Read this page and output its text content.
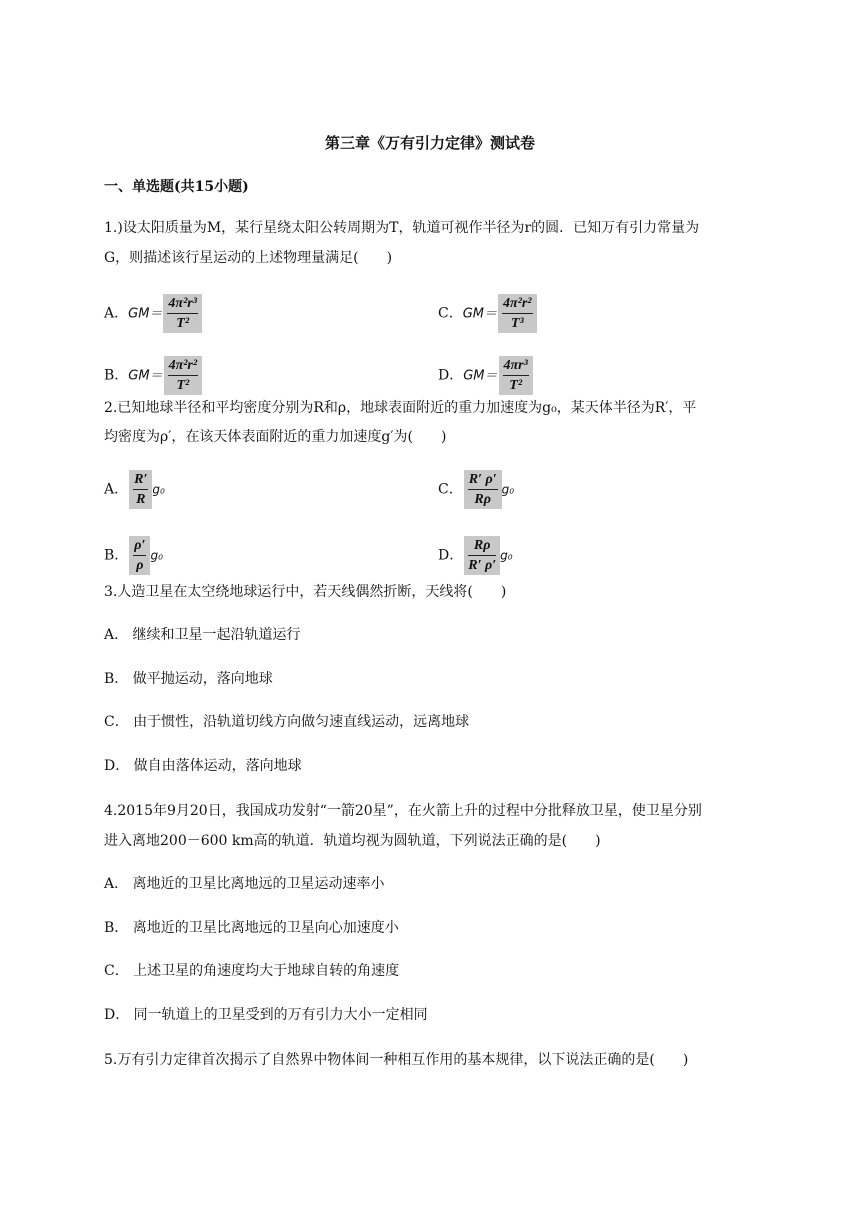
第三章《万有引力定律》测试卷
一、单选题(共15小题)
1.)设太阳质量为M，某行星绕太阳公转周期为T，轨道可视作半径为r的圆．已知万有引力常量为
G，则描述该行星运动的上述物理量满足(　　)
A．$GM= \frac{\text{4π²r³}}{\text{T²}}$	C．$GM= \frac{\text{4π²r²}}{\text{T³}}$
B．$GM= \frac{\text{4π²r²}}{\text{T²}}$	D．$GM= \frac{\text{4πr³}}{\text{T²}}$
2.已知地球半径和平均密度分别为R和ρ，地球表面附近的重力加速度为g₀，某天体半径为R′，平
均密度为ρ′，在该天体表面附近的重力加速度g′为(　　)
A． $\frac{R'}{R} g_0$	C． $\frac{R' \rho'}{R\rho} g_0$
B． $\frac{\rho'}{\rho} g_0$	D． $\frac{R\rho}{R' \rho'} g_0$
3.人造卫星在太空绕地球运行中，若天线偶然折断，天线将(　　)
A． 继续和卫星一起沿轨道运行
B． 做平抛运动，落向地球
C． 由于惯性，沿轨道切线方向做匀速直线运动，远离地球
D． 做自由落体运动，落向地球
4.2015年9月20日，我国成功发射“一箭20星”，在火箭上升的过程中分批释放卫星，使卫星分别
进入离地200－600 km高的轨道．轨道均视为圆轨道，下列说法正确的是(　　)
A． 离地近的卫星比离地远的卫星运动速率小
B． 离地近的卫星比离地远的卫星向心加速度小
C． 上述卫星的角速度均大于地球自转的角速度
D． 同一轨道上的卫星受到的万有引力大小一定相同
5.万有引力定律首次揭示了自然界中物体间一种相互作用的基本规律，以下说法正确的是(　　)
